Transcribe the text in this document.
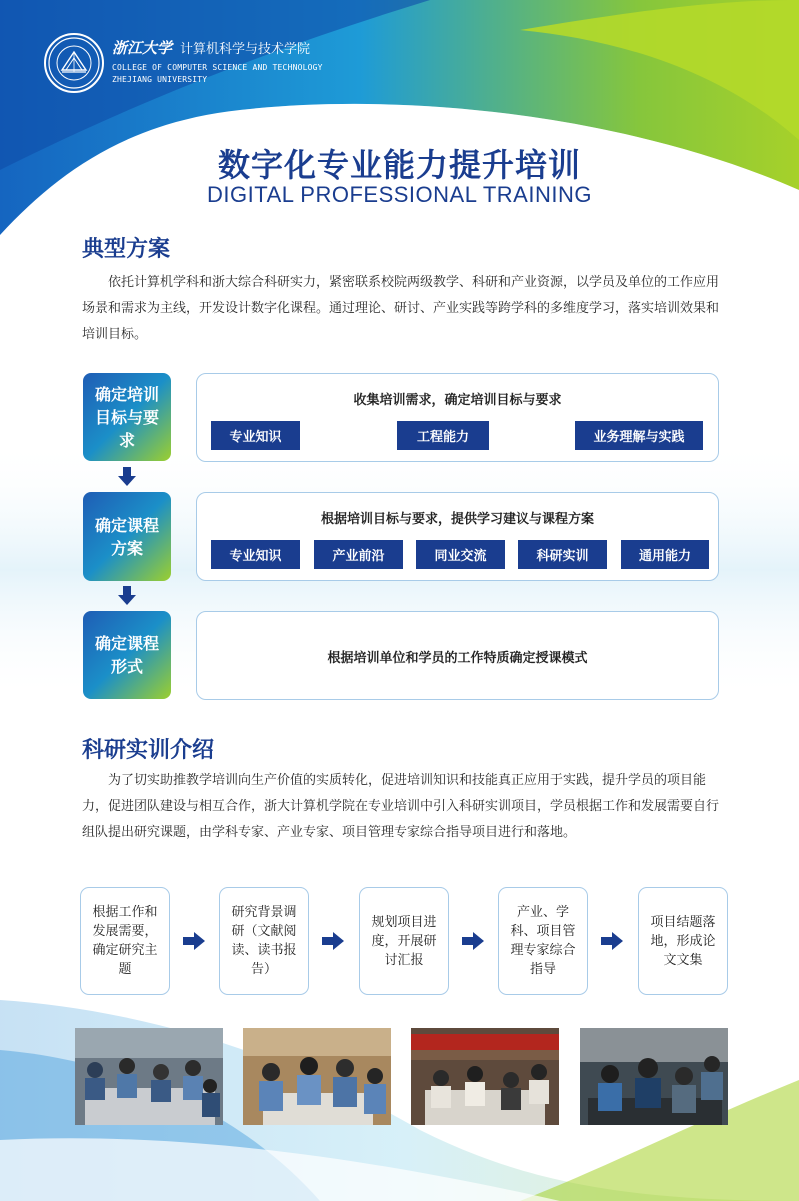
浙江大学 计算机科学与技术学院
COLLEGE OF COMPUTER SCIENCE AND TECHNOLOGY
ZHEJIANG UNIVERSITY
数字化专业能力提升培训
DIGITAL PROFESSIONAL TRAINING
典型方案
依托计算机学科和浙大综合科研实力，紧密联系校院两级教学、科研和产业资源，以学员及单位的工作应用场景和需求为主线，开发设计数字化课程。通过理论、研讨、产业实践等跨学科的多维度学习，落实培训效果和培训目标。
确定培训目标与要求
收集培训需求，确定培训目标与要求
专业知识	工程能力	业务理解与实践
确定课程方案
根据培训目标与要求，提供学习建议与课程方案
专业知识	产业前沿	同业交流	科研实训	通用能力
确定课程形式	根据培训单位和学员的工作特质确定授课模式
科研实训介绍
为了切实助推教学培训向生产价值的实质转化，促进培训知识和技能真正应用于实践，提升学员的项目能力，促进团队建设与相互合作，浙大计算机学院在专业培训中引入科研实训项目，学员根据工作和发展需要自行组队提出研究课题，由学科专家、产业专家、项目管理专家综合指导项目进行和落地。
根据工作和发展需要，确定研究主题
研究背景调研（文献阅读、读书报告）
规划项目进度，开展研讨汇报
产业、学科、项目管理专家综合指导
项目结题落地，形成论文文集
